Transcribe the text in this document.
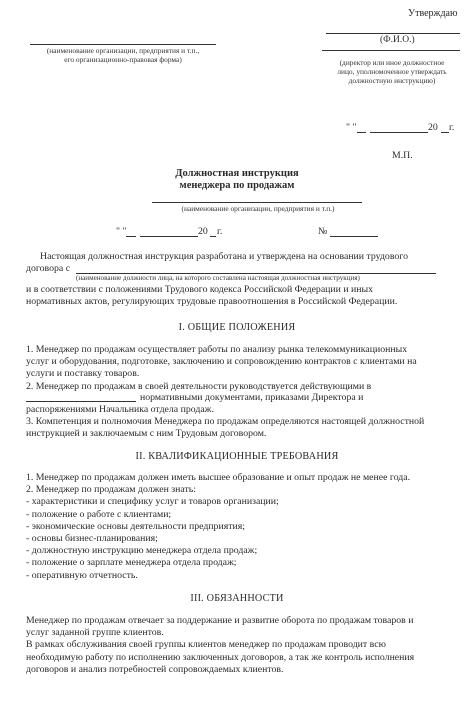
Утверждаю
(Ф.И.О.)
(директор или иное должностное
лицо, уполномоченное утверждать
должностную инструкцию)
" "	20 г.
М.П.
(наименование организации, предприятия и т.п.,
его организационно-правовая форма)
Должностная инструкция
менеджера по продажам
(наименование организации, предприятия и т.п.)
" "	20 г.	№
Настоящая должностная инструкция разработана и утверждена на основании трудового
договора с
(наименование должности лица, на которого составлена настоящая должностная инструкция)
и в соответствии с положениями Трудового кодекса Российской Федерации и иных
нормативных актов, регулирующих трудовые правоотношения в Российской Федерации.
I. ОБЩИЕ ПОЛОЖЕНИЯ
1. Менеджер по продажам осуществляет работы по анализу рынка телекоммуникационных
услуг и оборудования, подготовке, заключению и сопровождению контрактов с клиентами на
услуги и поставку товаров.
2. Менеджер по продажам в своей деятельности руководствуется действующими в
нормативными документами, приказами Директора и
распоряжениями Начальника отдела продаж.
3. Компетенция и полномочия Менеджера по продажам определяются настоящей должностной
инструкцией и заключаемым с ним Трудовым договором.
II. КВАЛИФИКАЦИОННЫЕ ТРЕБОВАНИЯ
1. Менеджер по продажам должен иметь высшее образование и опыт продаж не менее года.
2. Менеджер по продажам должен знать:
- характеристики и специфику услуг и товаров организации;
- положение о работе с клиентами;
- экономические основы деятельности предприятия;
- основы бизнес-планирования;
- должностную инструкцию менеджера отдела продаж;
- положение о зарплате менеджера отдела продаж;
- оперативную отчетность.
III. ОБЯЗАННОСТИ
Менеджер по продажам отвечает за поддержание и развитие оборота по продажам товаров и
услуг заданной группе клиентов.
В рамках обслуживания своей группы клиентов менеджер по продажам проводит всю
необходимую работу по исполнению заключенных договоров, а так же контроль исполнения
договоров и анализ потребностей сопровождаемых клиентов.
